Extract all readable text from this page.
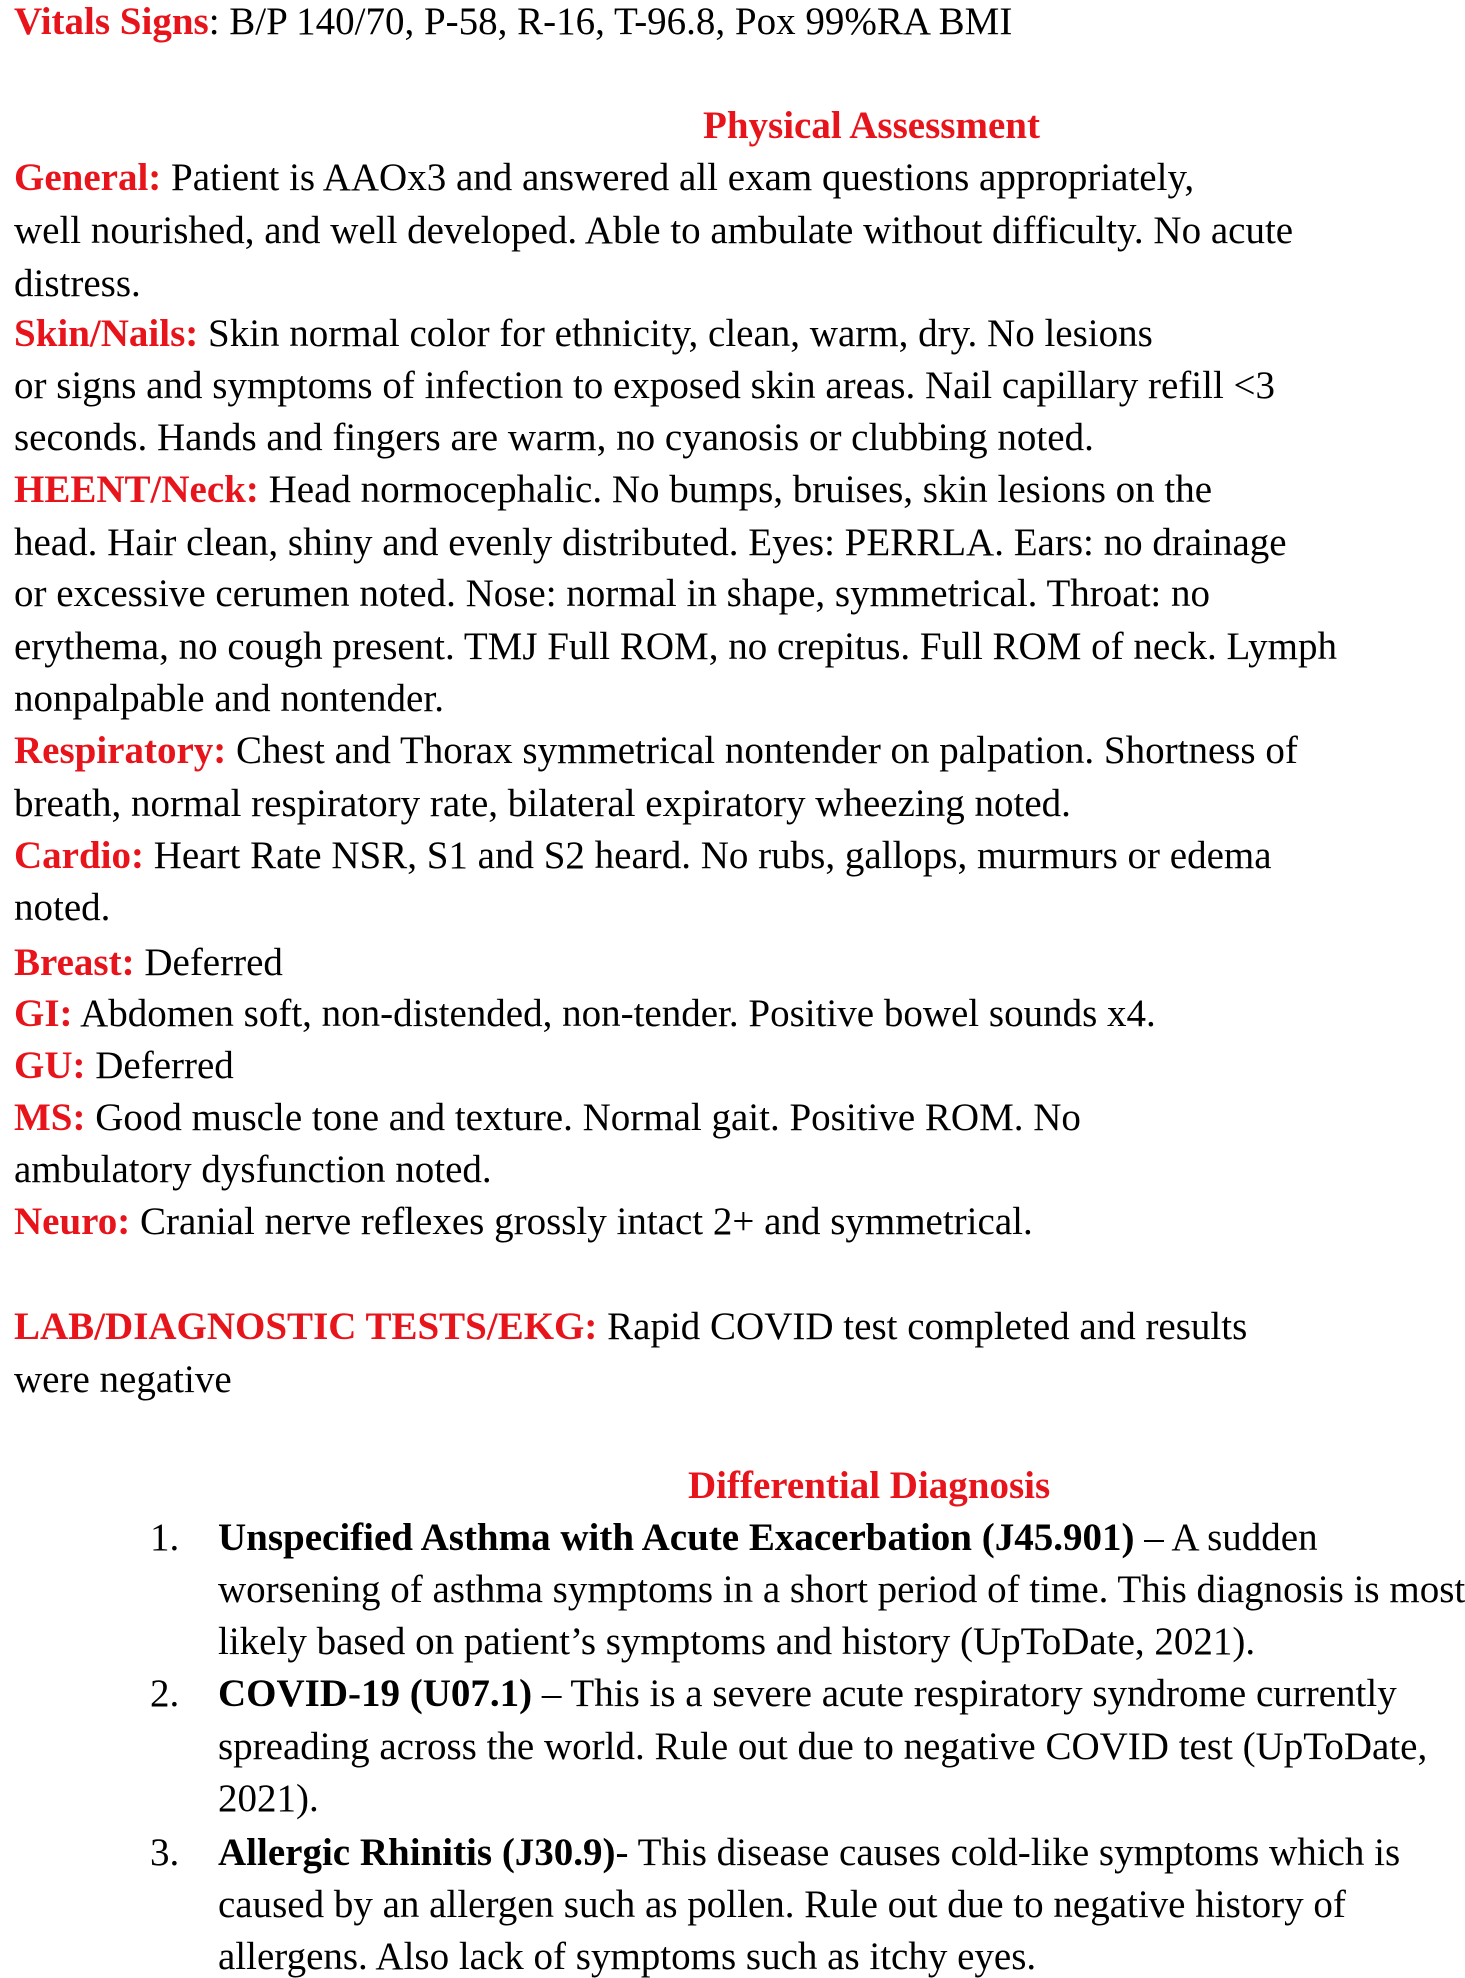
Vitals Signs: B/P 140/70, P-58, R-16, T-96.8, Pox 99%RA BMI
Physical Assessment
General: Patient is AAOx3 and answered all exam questions appropriately,
well nourished, and well developed. Able to ambulate without difficulty. No acute
distress.
Skin/Nails: Skin normal color for ethnicity, clean, warm, dry. No lesions
or signs and symptoms of infection to exposed skin areas. Nail capillary refill <3
seconds. Hands and fingers are warm, no cyanosis or clubbing noted.
HEENT/Neck: Head normocephalic. No bumps, bruises, skin lesions on the
head. Hair clean, shiny and evenly distributed. Eyes: PERRLA. Ears: no drainage
or excessive cerumen noted. Nose: normal in shape, symmetrical. Throat: no
erythema, no cough present. TMJ Full ROM, no crepitus. Full ROM of neck. Lymph
nonpalpable and nontender.
Respiratory: Chest and Thorax symmetrical nontender on palpation. Shortness of
breath, normal respiratory rate, bilateral expiratory wheezing noted.
Cardio: Heart Rate NSR, S1 and S2 heard. No rubs, gallops, murmurs or edema
noted.
Breast: Deferred
GI: Abdomen soft, non-distended, non-tender. Positive bowel sounds x4.
GU: Deferred
MS: Good muscle tone and texture. Normal gait. Positive ROM. No
ambulatory dysfunction noted.
Neuro: Cranial nerve reflexes grossly intact 2+ and symmetrical.
LAB/DIAGNOSTIC TESTS/EKG: Rapid COVID test completed and results
were negative
Differential Diagnosis
1. Unspecified Asthma with Acute Exacerbation (J45.901) – A sudden
worsening of asthma symptoms in a short period of time. This diagnosis is most
likely based on patient’s symptoms and history (UpToDate, 2021).
2. COVID-19 (U07.1) – This is a severe acute respiratory syndrome currently
spreading across the world. Rule out due to negative COVID test (UpToDate,
2021).
3. Allergic Rhinitis (J30.9)- This disease causes cold-like symptoms which is
caused by an allergen such as pollen. Rule out due to negative history of
allergens. Also lack of symptoms such as itchy eyes.
